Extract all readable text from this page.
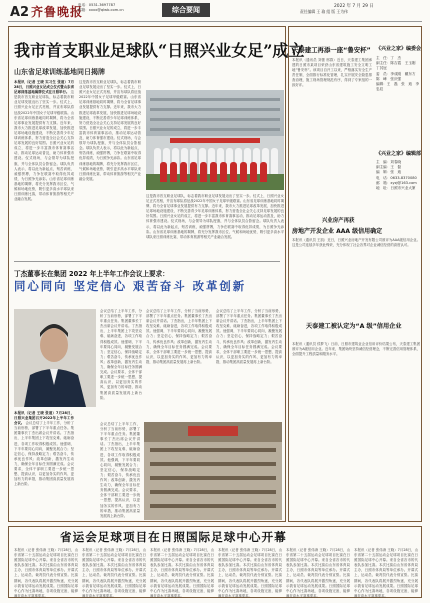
A2 齐鲁晚报
电话：0531-3697787
邮箱：xxxx@qlwb.com.cn	综合要闻	2022 年 7 月 29 日
责任编辑 王 瑜 组 版 王为伟
我市首支职业足球队“日照兴业女足”成立
山东省足球训练基地同日揭牌
本报讯（记者 王晓 实习生 张迪）7月28日，日照兴业女足成立仪式暨山东省足球训练基地揭牌仪式在日照举行。 这是我市首支职业足球队，标志着我市职业足球发展迈出了坚实一步。仪式上，日照兴业女足正式亮相，并宣布球队将征战2022年中国女子足球甲级联赛。山东省足球训练基地同时揭牌，将为全省足球事业发展提供有力支撑。近年来，我市大力推进足球改革发展，加快推进足球场地设施建设，不断完善青少年足球训练体系，努力营造全社会关心支持足球发展的良好氛围。日照兴业女足的成立，将进一步丰富我市体育赛事活动，推动足球运动普及，助力体育强市建设。仪式现场，与会领导为球队授旗，并与全体队员合影留念。球队负责人表示，将以此为新起点，刻苦训练，顽强拼搏，力争在联赛中取得优异成绩，为日照争光添彩。山东省足球训练基地的揭牌，将充分发挥我市区位、气候和场地优势，吸引更多高水平球队来日照训练比赛，带动体育旅游等相关产业融合发展。
这是我市首支职业足球队，标志着我市职业足球发展迈出了坚实一步。仪式上，日照兴业女足正式亮相，并宣布球队将征战2022年中国女子足球甲级联赛。山东省足球训练基地同时揭牌，将为全省足球事业发展提供有力支撑。近年来，我市大力推进足球改革发展，加快推进足球场地设施建设，不断完善青少年足球训练体系，努力营造全社会关心支持足球发展的良好氛围。日照兴业女足的成立，将进一步丰富我市体育赛事活动，推动足球运动普及，助力体育强市建设。仪式现场，与会领导为球队授旗，并与全体队员合影留念。球队负责人表示，将以此为新起点，刻苦训练，顽强拼搏，力争在联赛中取得优异成绩，为日照争光添彩。山东省足球训练基地的揭牌，将充分发挥我市区位、气候和场地优势，吸引更多高水平球队来日照训练比赛，带动体育旅游等相关产业融合发展。
这是我市首支职业足球队，标志着我市职业足球发展迈出了坚实一步。仪式上，日照兴业女足正式亮相，并宣布球队将征战2022年中国女子足球甲级联赛。山东省足球训练基地同时揭牌，将为全省足球事业发展提供有力支撑。近年来，我市大力推进足球改革发展，加快推进足球场地设施建设，不断完善青少年足球训练体系，努力营造全社会关心支持足球发展的良好氛围。日照兴业女足的成立，将进一步丰富我市体育赛事活动，推动足球运动普及，助力体育强市建设。仪式现场，与会领导为球队授旗，并与全体队员合影留念。球队负责人表示，将以此为新起点，刻苦训练，顽强拼搏，力争在联赛中取得优异成绩，为日照争光添彩。山东省足球训练基地的揭牌，将充分发挥我市区位、气候和场地优势，吸引更多高水平球队来日照训练比赛，带动体育旅游等相关产业融合发展。
丁杰董事长在集团 2022 年上半年工作会议上要求：
同心同向 坚定信心 艰苦奋斗 改革创新
本报讯（记者 王晓 张迪）7月28日，日照兴业集团召开2022年上半年工作会议。 会议总结了上半年工作，分析了当前形势，部署了下半年重点任务。集团董事长丁杰出席会议并讲话。丁杰指出，上半年集团上下攻坚克难、砥砺奋进，各项工作取得积极成效。他强调，下半年要同心同向，凝聚发展合力；坚定信心，保持战略定力；艰苦奋斗，传承优良作风；改革创新，激发内生动力，确保全年目标任务圆满完成。会议要求，全体干部职工要进一步统一思想、提高认识，以更加务实的作风、更加有力的举措，推动集团高质量发展再上新台阶。
会议总结了上半年工作，分析了当前形势，部署了下半年重点任务。集团董事长丁杰出席会议并讲话。丁杰指出，上半年集团上下攻坚克难、砥砺奋进，各项工作取得积极成效。他强调，下半年要同心同向，凝聚发展合力；坚定信心，保持战略定力；艰苦奋斗，传承优良作风；改革创新，激发内生动力，确保全年目标任务圆满完成。会议要求，全体干部职工要进一步统一思想、提高认识，以更加务实的作风、更加有力的举措，推动集团高质量发展再上新台阶。
会议总结了上半年工作，分析了当前形势，部署了下半年重点任务。集团董事长丁杰出席会议并讲话。丁杰指出，上半年集团上下攻坚克难、砥砺奋进，各项工作取得积极成效。他强调，下半年要同心同向，凝聚发展合力；坚定信心，保持战略定力；艰苦奋斗，传承优良作风；改革创新，激发内生动力，确保全年目标任务圆满完成。会议要求，全体干部职工要进一步统一思想、提高认识，以更加务实的作风、更加有力的举措，推动集团高质量发展再上新台阶。
会议总结了上半年工作，分析了当前形势，部署了下半年重点任务。集团董事长丁杰出席会议并讲话。丁杰指出，上半年集团上下攻坚克难、砥砺奋进，各项工作取得积极成效。他强调，下半年要同心同向，凝聚发展合力；坚定信心，保持战略定力；艰苦奋斗，传承优良作风；改革创新，激发内生动力，确保全年目标任务圆满完成。会议要求，全体干部职工要进一步统一思想、提高认识，以更加务实的作风、更加有力的举措，推动集团高质量发展再上新台阶。
会议总结了上半年工作，分析了当前形势，部署了下半年重点任务。集团董事长丁杰出席会议并讲话。丁杰指出，上半年集团上下攻坚克难、砥砺奋进，各项工作取得积极成效。他强调，下半年要同心同向，凝聚发展合力；坚定信心，保持战略定力；艰苦奋斗，传承优良作风；改革创新，激发内生动力，确保全年目标任务圆满完成。会议要求，全体干部职工要进一步统一思想、提高认识，以更加务实的作风、更加有力的举措，推动集团高质量发展再上新台阶。
天泰建工再添一座“鲁安杯”
本报讯（通讯员 刘蕾 邢群）近日，天泰建工集团承建的日照市某项目荣获山东省建筑施工安全文明工地“鲁安杯”。该项目自开工以来，严格落实安全生产责任制，全面推行标准化管理，扎实开展安全隐患排查治理，施工现场管理规范有序，得到了专家组的一致好评。
《兴业之家》编委会
主　任：丁　杰
副主任：陈吉霞　王玉刚　丁其冠
委　员：李成刚　戴东方　陈　峰　张庆强
编辑：王　磊　张　迪　李忠辰
《兴业之家》编辑部
主　编：刘春晓
副主编：王　磊
编　辑：张　迪
电　话：0633-8370080
邮　箱：xyzj@163.com
地　址：日照市兴业大厦
兴业房产再获
房地产开发企业 AAA 级信用确定
本报讯（通讯员 王凯）近日，日照兴业房地产开发有限公司被评为AAA级信用企业。这是公司连续多年获此殊荣，充分体现了社会各界对企业诚信经营的高度认可。
天泰建工被认定为“A 级”信用企业
本报讯（通讯员 侯梦飞）日前，日照市建筑业企业信用评价结果公布，天泰建工集团被评为A级信用企业。近年来，集团始终坚持诚信经营理念，不断完善信用管理体系，全面提升工程质量和服务水平。
省运会足球项目在日照国际足球中心开幕
本报讯（记者 张伟涛 王晓）7月28日，山东省第二十五届运动会足球项目比赛在日照国际足球中心开幕。来自全省各市的代表队参加比赛。本次比赛由山东省体育局主办，日照市体育局等单位承办。开幕式上，运动员、裁判员代表分别宣誓。比赛期间，各代表队将展开激烈角逐，充分展示我省足球运动发展成果。日照国际足球中心作为比赛场地，各项设施完备，能够满足高水平赛事需求。
本报讯（记者 张伟涛 王晓）7月28日，山东省第二十五届运动会足球项目比赛在日照国际足球中心开幕。来自全省各市的代表队参加比赛。本次比赛由山东省体育局主办，日照市体育局等单位承办。开幕式上，运动员、裁判员代表分别宣誓。比赛期间，各代表队将展开激烈角逐，充分展示我省足球运动发展成果。日照国际足球中心作为比赛场地，各项设施完备，能够满足高水平赛事需求。
本报讯（记者 张伟涛 王晓）7月28日，山东省第二十五届运动会足球项目比赛在日照国际足球中心开幕。来自全省各市的代表队参加比赛。本次比赛由山东省体育局主办，日照市体育局等单位承办。开幕式上，运动员、裁判员代表分别宣誓。比赛期间，各代表队将展开激烈角逐，充分展示我省足球运动发展成果。日照国际足球中心作为比赛场地，各项设施完备，能够满足高水平赛事需求。
本报讯（记者 张伟涛 王晓）7月28日，山东省第二十五届运动会足球项目比赛在日照国际足球中心开幕。来自全省各市的代表队参加比赛。本次比赛由山东省体育局主办，日照市体育局等单位承办。开幕式上，运动员、裁判员代表分别宣誓。比赛期间，各代表队将展开激烈角逐，充分展示我省足球运动发展成果。日照国际足球中心作为比赛场地，各项设施完备，能够满足高水平赛事需求。
本报讯（记者 张伟涛 王晓）7月28日，山东省第二十五届运动会足球项目比赛在日照国际足球中心开幕。来自全省各市的代表队参加比赛。本次比赛由山东省体育局主办，日照市体育局等单位承办。开幕式上，运动员、裁判员代表分别宣誓。比赛期间，各代表队将展开激烈角逐，充分展示我省足球运动发展成果。日照国际足球中心作为比赛场地，各项设施完备，能够满足高水平赛事需求。
本报讯（记者 张伟涛 王晓）7月28日，山东省第二十五届运动会足球项目比赛在日照国际足球中心开幕。来自全省各市的代表队参加比赛。本次比赛由山东省体育局主办，日照市体育局等单位承办。开幕式上，运动员、裁判员代表分别宣誓。比赛期间，各代表队将展开激烈角逐，充分展示我省足球运动发展成果。日照国际足球中心作为比赛场地，各项设施完备，能够满足高水平赛事需求。
